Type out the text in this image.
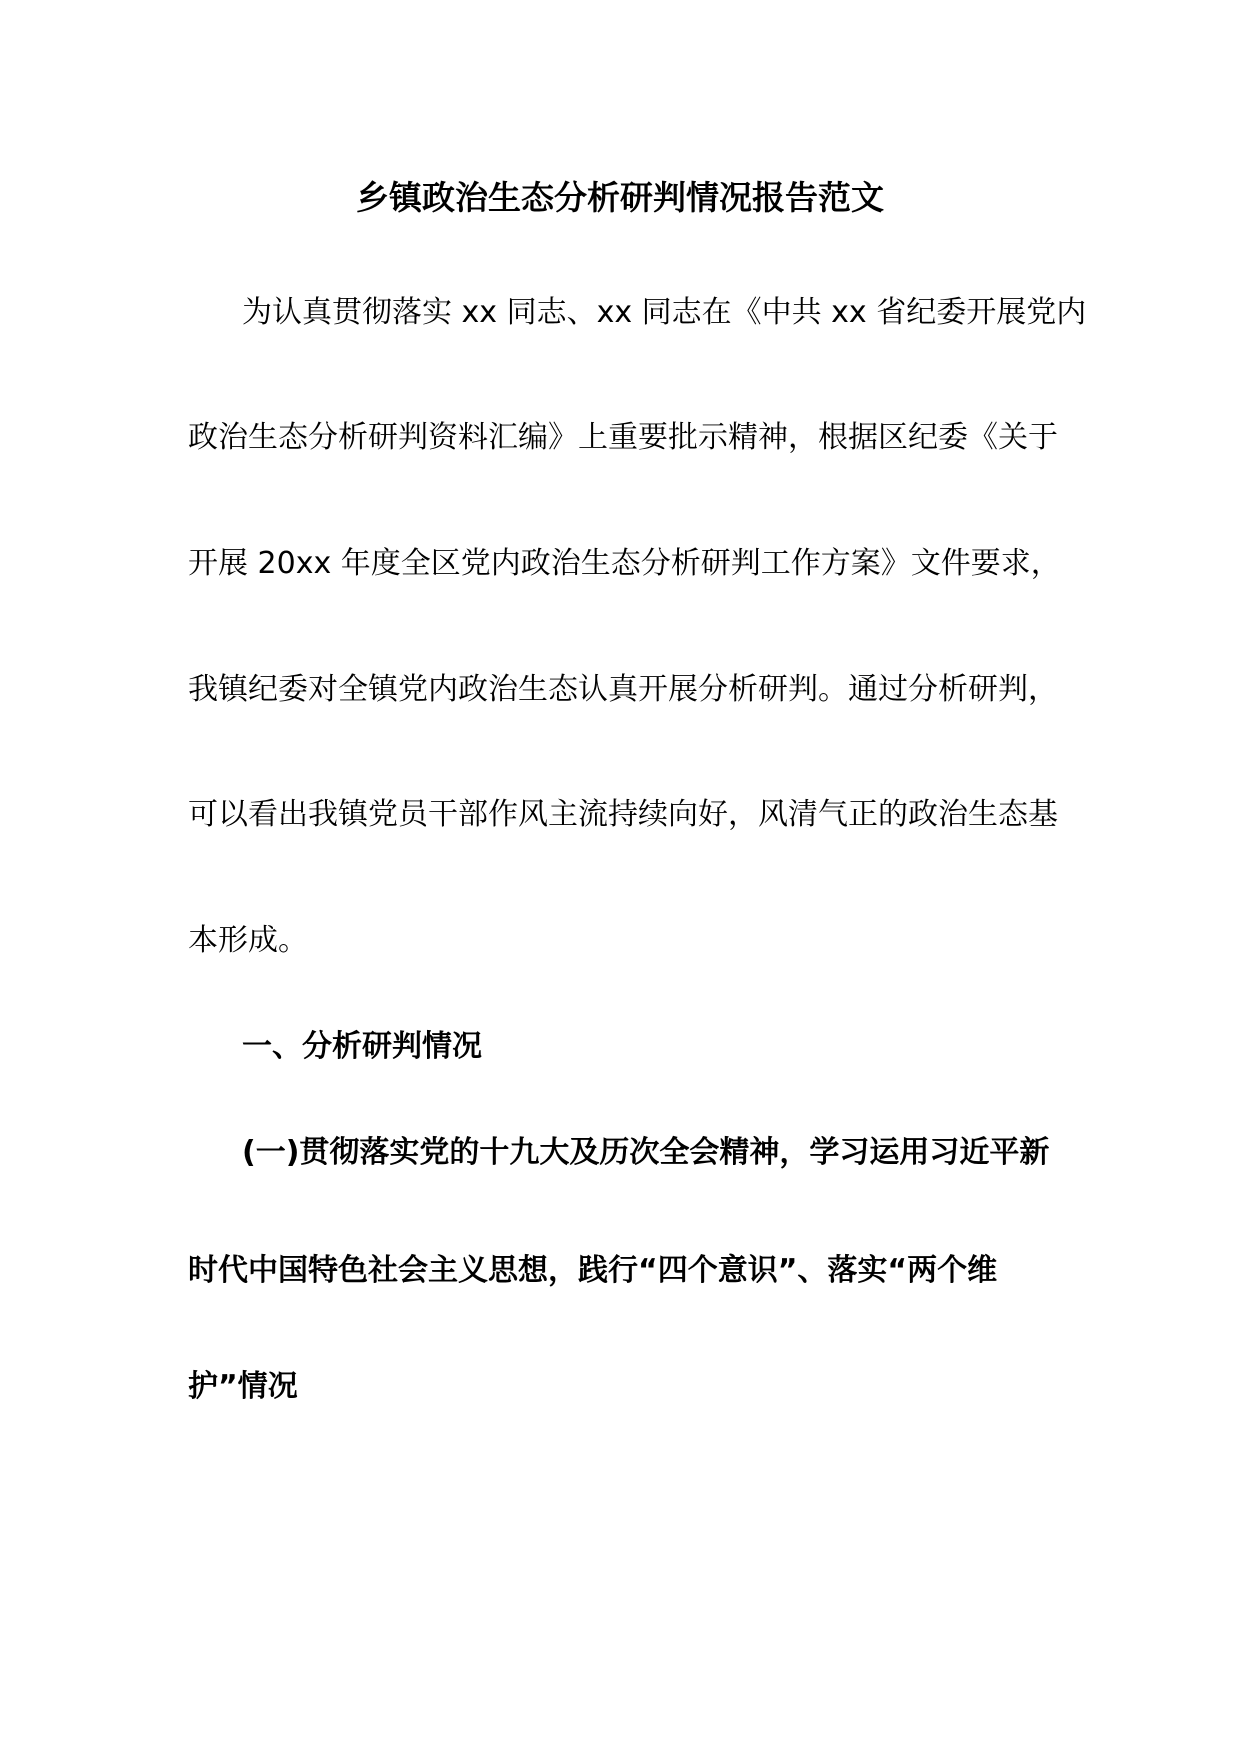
乡镇政治生态分析研判情况报告范文
为认真贯彻落实 xx 同志、xx 同志在《中共 xx 省纪委开展党内
政治生态分析研判资料汇编》上重要批示精神，根据区纪委《关于
开展 20xx 年度全区党内政治生态分析研判工作方案》文件要求，
我镇纪委对全镇党内政治生态认真开展分析研判。通过分析研判，
可以看出我镇党员干部作风主流持续向好，风清气正的政治生态基
本形成。
一、分析研判情况
(一)贯彻落实党的十九大及历次全会精神，学习运用习近平新
时代中国特色社会主义思想，践行“四个意识”、落实“两个维
护”情况
